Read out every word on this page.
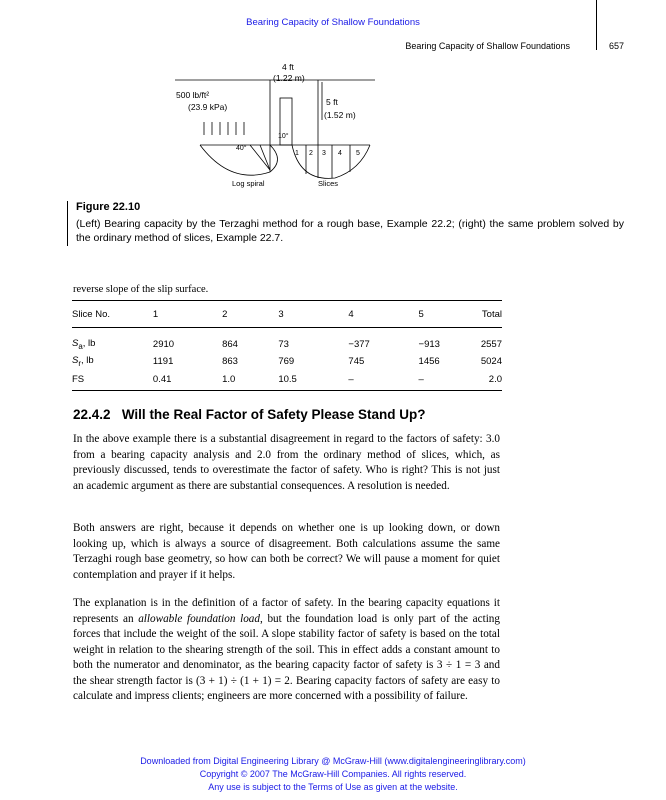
Bearing Capacity of Shallow Foundations
Bearing Capacity of Shallow Foundations	657
4 ft
(1.22 m)
500 lb/ft²
(23.9 kPa)	5 ft
(1.52 m)
40°
10°
1 2 3 4 5
Log spiral	Slices
Figure 22.10
(Left) Bearing capacity by the Terzaghi method for a rough base, Example 22.2; (right) the same problem solved by the ordinary method of slices, Example 22.7.
reverse slope of the slip surface.
Slice No.	1	2	3	4	5	Total
$S_a$, lb	2910	864	73	−377	−913	2557
$S_r$, lb	1191	863	769	745	1456	5024
FS	0.41	1.0	10.5	–	–	2.0
22.4.2 Will the Real Factor of Safety Please Stand Up?
In the above example there is a substantial disagreement in regard to the factors of safety: 3.0 from a bearing capacity analysis and 2.0 from the ordinary method of slices, which, as previously discussed, tends to overestimate the factor of safety. Who is right? This is not just an academic argument as there are substantial consequences. A resolution is needed.
Both answers are right, because it depends on whether one is up looking down, or down looking up, which is always a source of disagreement. Both calculations assume the same Terzaghi rough base geometry, so how can both be correct? We will pause a moment for quiet contemplation and prayer if it helps.
The explanation is in the definition of a factor of safety. In the bearing capacity equations it represents an allowable foundation load, but the foundation load is only part of the acting forces that include the weight of the soil. A slope stability factor of safety is based on the total weight in relation to the shearing strength of the soil. This in effect adds a constant amount to both the numerator and denominator, as the bearing capacity factor of safety is 3 ÷ 1 = 3 and the shear strength factor is (3 + 1) ÷ (1 + 1) = 2. Bearing capacity factors of safety are easy to calculate and impress clients; engineers are more concerned with a possibility of failure.
Downloaded from Digital Engineering Library @ McGraw-Hill (www.digitalengineeringlibrary.com)
Copyright © 2007 The McGraw-Hill Companies. All rights reserved.
Any use is subject to the Terms of Use as given at the website.
